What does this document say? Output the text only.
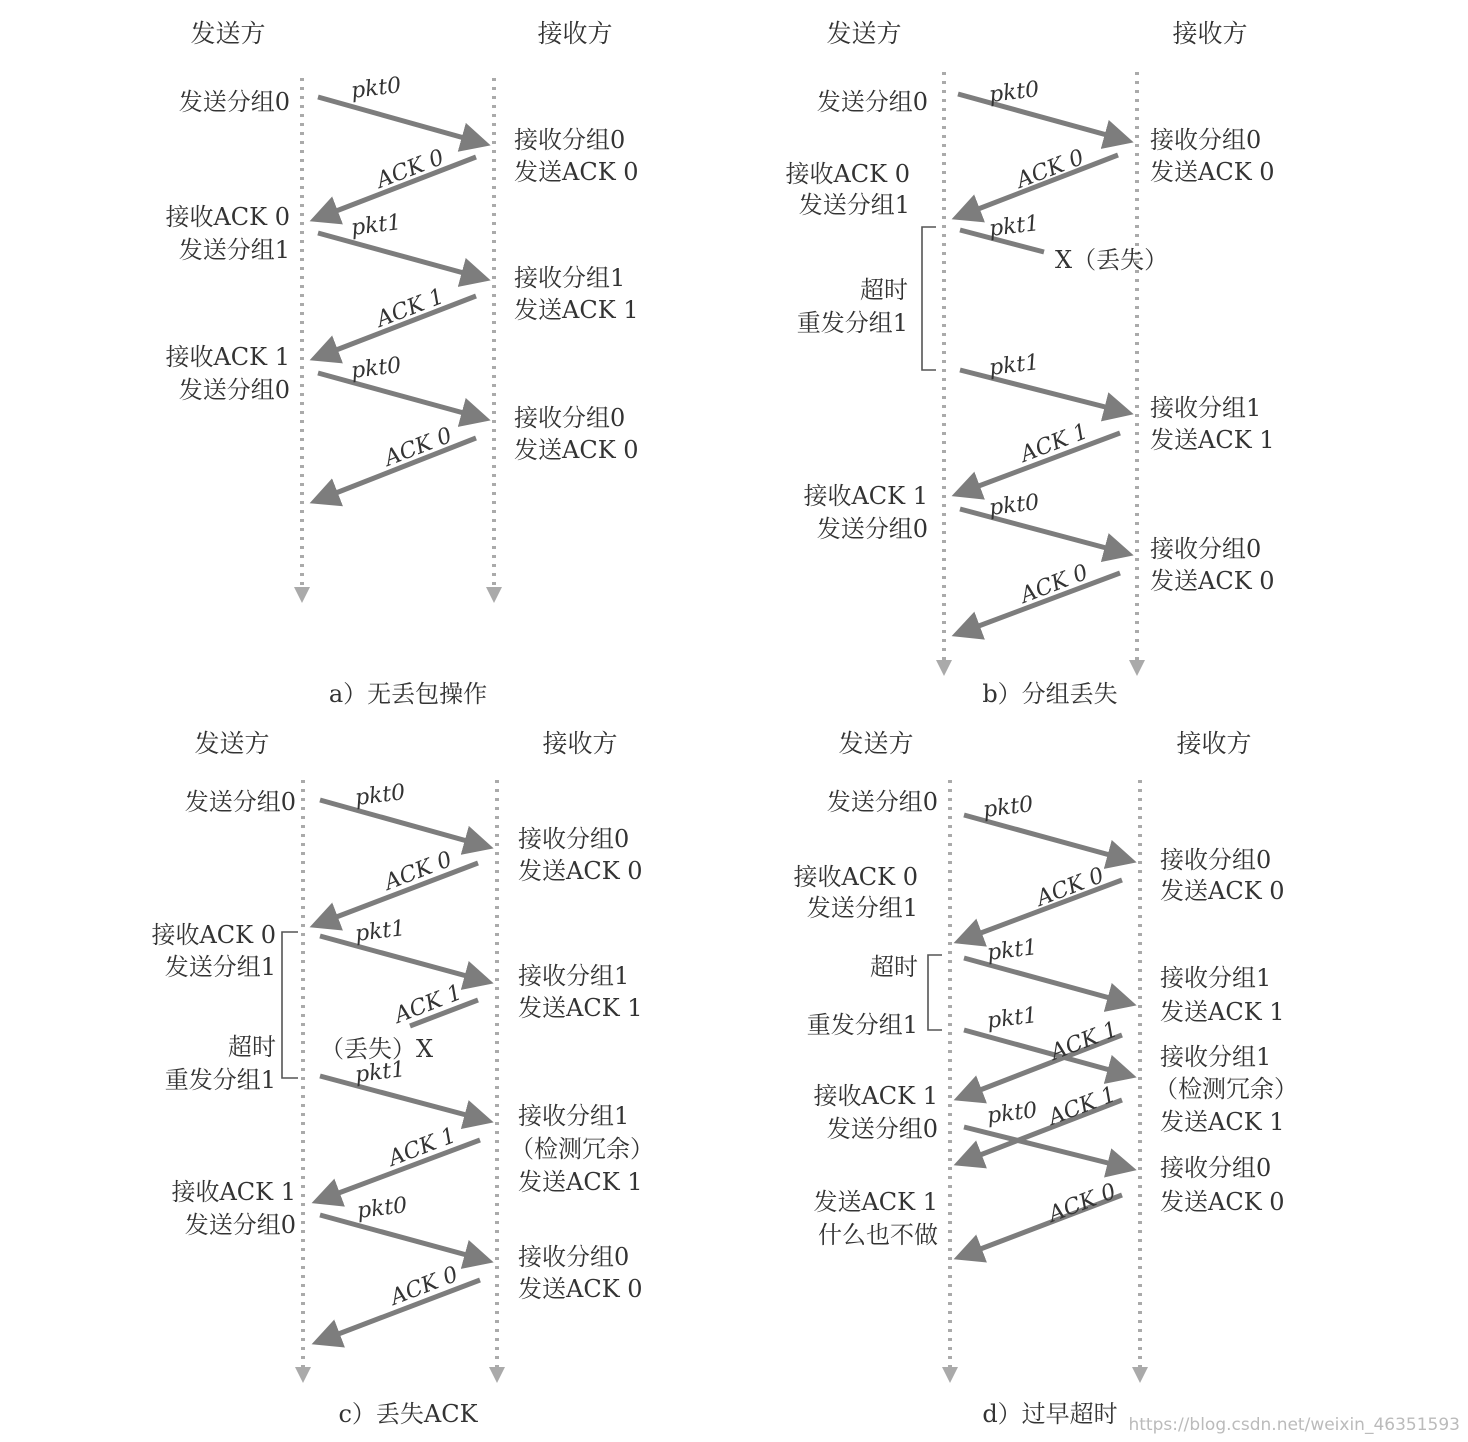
发送方	接收方
pkt0
ACK 0
pkt1
ACK 1
pkt0
ACK 0
发送分组0
接收ACK 0
发送分组1
接收ACK 1
发送分组0
接收分组0
发送ACK 0
接收分组1
发送ACK 1
接收分组0
发送ACK 0
a）无丢包操作
发送方	接收方
pkt0
ACK 0
pkt1
X（丢失）
pkt1
ACK 1
pkt0
ACK 0
发送分组0
接收ACK 0
发送分组1
超时
重发分组1
接收ACK 1
发送分组0
接收分组0
发送ACK 0
接收分组1
发送ACK 1
接收分组0
发送ACK 0
b）分组丢失
发送方	接收方
pkt0
ACK 0
pkt1
ACK 1
（丢失）X
pkt1
ACK 1
pkt0
ACK 0
发送分组0
接收ACK 0
发送分组1
超时
重发分组1
接收ACK 1
发送分组0
接收分组0
发送ACK 0
接收分组1
发送ACK 1
接收分组1
（检测冗余）
发送ACK 1
接收分组0
发送ACK 0
c）丢失ACK
发送方	接收方
pkt0
ACK 0
pkt1
pkt1 ACK 1
pkt0 ACK 1
ACK 0
发送分组0
接收ACK 0
发送分组1
超时
重发分组1
接收ACK 1
发送分组0
发送ACK 1
什么也不做
接收分组0
发送ACK 0
接收分组1
发送ACK 1
接收分组1
（检测冗余）
发送ACK 1
接收分组0
发送ACK 0
d）过早超时 https://blog.csdn.net/weixin_46351593
